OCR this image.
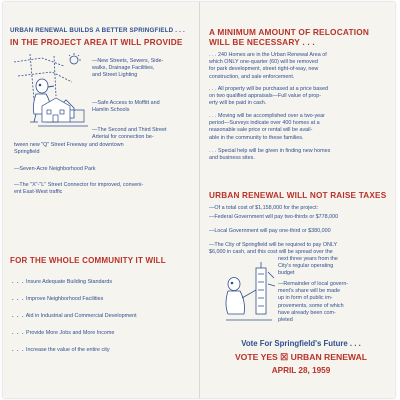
URBAN RENEWAL BUILDS A BETTER SPRINGFIELD . . .
IN THE PROJECT AREA IT WILL PROVIDE
—New Streets, Sewers, Side-
walks, Drainage Facilities,
and Street Lighting
—Safe Access to Moffitt and
Hamlin Schools
—The Second and Third Street
Arterial for connection be-
tween new "Q" Street Freeway and downtown
Springfield
—Seven-Acre Neighborhood Park
—The "X"-"L" Street Connector for improved, conveni-
ent East-West traffic
FOR THE WHOLE COMMUNITY IT WILL
. . . Insure Adequate Building Standards
. . . Improve Neighborhood Facilities
. . . Aid in Industrial and Commercial Development
. . . Provide More Jobs and More Income
. . . Increase the value of the entire city
A MINIMUM AMOUNT OF RELOCATION
WILL BE NECESSARY . . .
. . . 240 Homes are in the Urban Renewal Area of
which ONLY one-quarter (60) will be removed
for park development, street right-of-way, new
construction, and sale enforcement.
. . . All property will be purchased at a price based
on two qualified appraisals—Full value of prop-
erty will be paid in cash.
. . . Moving will be accomplished over a two-year
period—Surveys indicate over 400 homes at a
reasonable sale price or rental will be avail-
able in the community to these families.
. . . Special help will be given in finding new homes
and business sites.
URBAN RENEWAL WILL NOT RAISE TAXES
—Of a total cost of $1,158,000 for the project:
—Federal Government will pay two-thirds or $778,000
—Local Government will pay one-third or $380,000
—The City of Springfield will be required to pay ONLY
$6,000 in cash, and this cost will be spread over the
next three years from the
City's regular operating
budget
—Remainder of local govern-
ment's share will be made
up in form of public im-
provements, some of which
have already been com-
pleted
Vote For Springfield's Future . . .
VOTE YES ☒ URBAN RENEWAL
APRIL 28, 1959
